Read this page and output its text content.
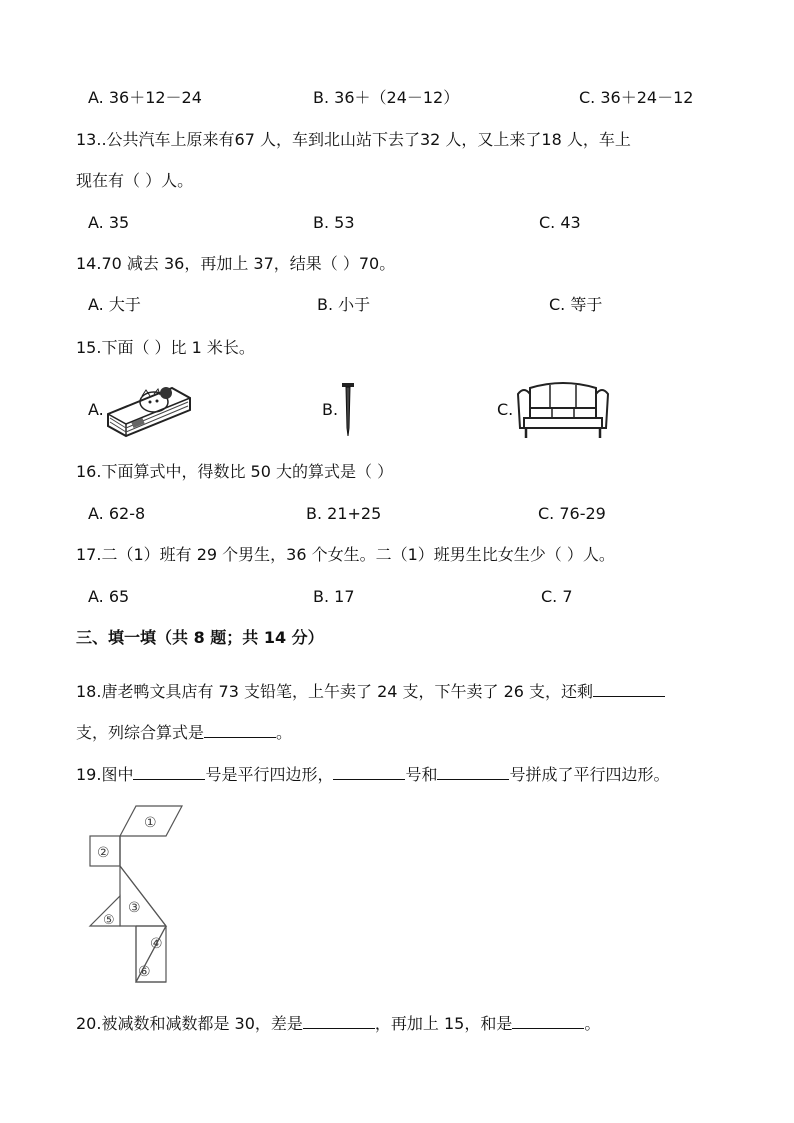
A. 36＋12－24	B. 36＋（24－12）	C. 36＋24－12
13..公共汽车上原来有67 人，车到北山站下去了32 人，又上来了18 人，车上
现在有（ ）人。
A. 35	B. 53	C. 43
14.70 减去 36，再加上 37，结果（ ）70。
A. 大于	B. 小于	C. 等于
15.下面（ ）比 1 米长。
A.	B.	C.
16.下面算式中，得数比 50 大的算式是（ ）
A. 62-8	B. 21+25	C. 76-29
17.二（1）班有 29 个男生，36 个女生。二（1）班男生比女生少（ ）人。
A. 65	B. 17	C. 7
三、填一填（共 8 题；共 14 分）
18.唐老鸭文具店有 73 支铅笔，上午卖了 24 支，下午卖了 26 支，还剩
支，列综合算式是	。
19.图中	号是平行四边形，	号和	号拼成了平行四边形。
①
②
③
④
⑤
⑥
20.被减数和减数都是 30，差是	，再加上 15，和是	。
